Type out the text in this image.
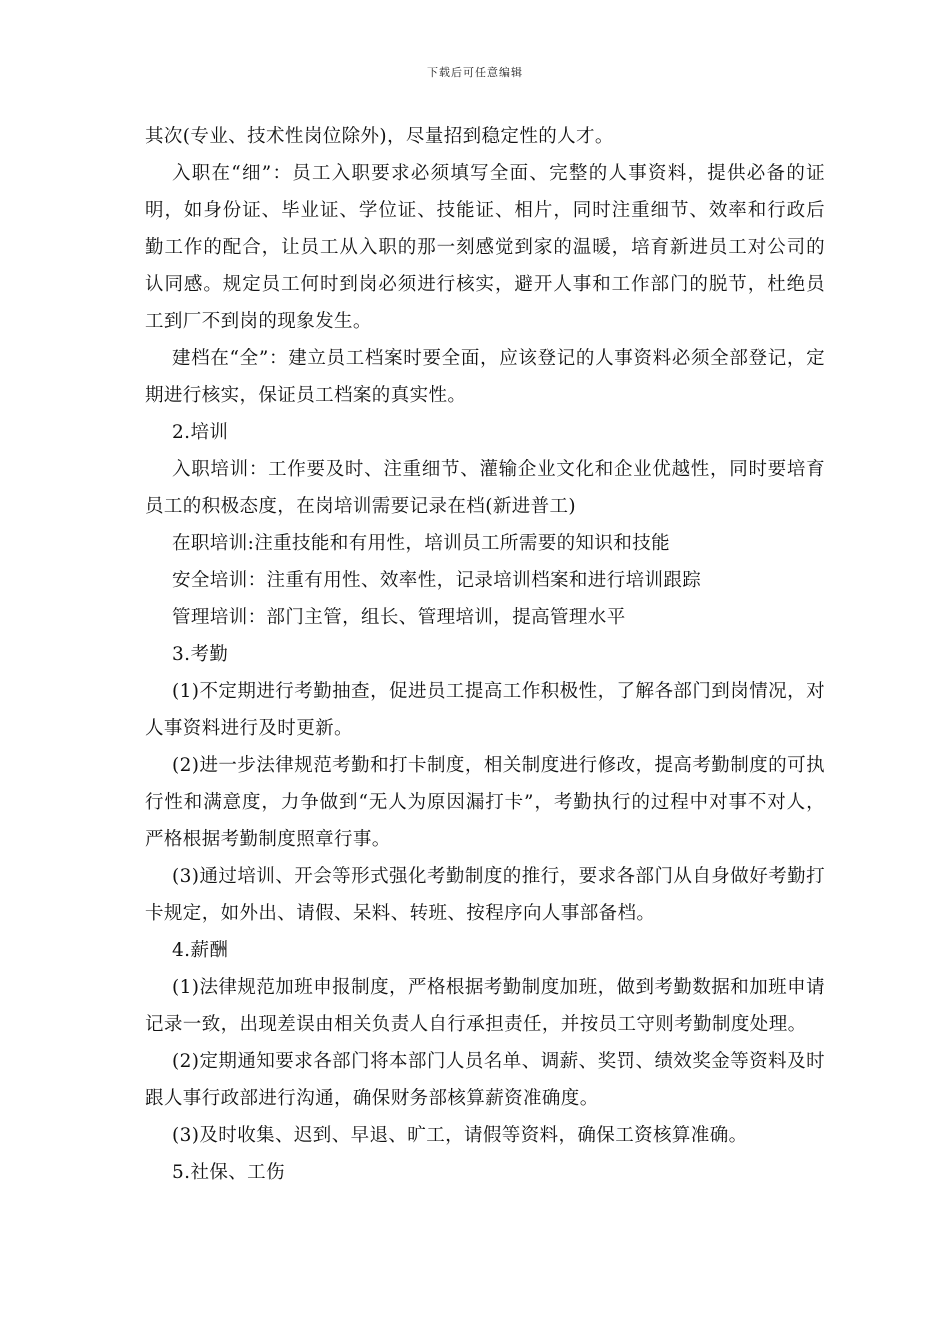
下载后可任意编辑

其次(专业、技术性岗位除外)，尽量招到稳定性的人才。

入职在“细”：员工入职要求必须填写全面、完整的人事资料，提供必备的证明，如身份证、毕业证、学位证、技能证、相片，同时注重细节、效率和行政后勤工作的配合，让员工从入职的那一刻感觉到家的温暖，培育新进员工对公司的认同感。规定员工何时到岗必须进行核实，避开人事和工作部门的脱节，杜绝员工到厂不到岗的现象发生。

建档在“全”：建立员工档案时要全面，应该登记的人事资料必须全部登记，定期进行核实，保证员工档案的真实性。

2.培训

入职培训：工作要及时、注重细节、灌输企业文化和企业优越性，同时要培育员工的积极态度，在岗培训需要记录在档(新进普工)

在职培训:注重技能和有用性，培训员工所需要的知识和技能

安全培训：注重有用性、效率性，记录培训档案和进行培训跟踪

管理培训：部门主管，组长、管理培训，提高管理水平

3.考勤

(1)不定期进行考勤抽查，促进员工提高工作积极性，了解各部门到岗情况，对人事资料进行及时更新。

(2)进一步法律规范考勤和打卡制度，相关制度进行修改，提高考勤制度的可执行性和满意度，力争做到“无人为原因漏打卡”，考勤执行的过程中对事不对人，严格根据考勤制度照章行事。

(3)通过培训、开会等形式强化考勤制度的推行，要求各部门从自身做好考勤打卡规定，如外出、请假、呆料、转班、按程序向人事部备档。

4.薪酬

(1)法律规范加班申报制度，严格根据考勤制度加班，做到考勤数据和加班申请记录一致，出现差误由相关负责人自行承担责任，并按员工守则考勤制度处理。

(2)定期通知要求各部门将本部门人员名单、调薪、奖罚、绩效奖金等资料及时跟人事行政部进行沟通，确保财务部核算薪资准确度。

(3)及时收集、迟到、早退、旷工，请假等资料，确保工资核算准确。

5.社保、工伤
